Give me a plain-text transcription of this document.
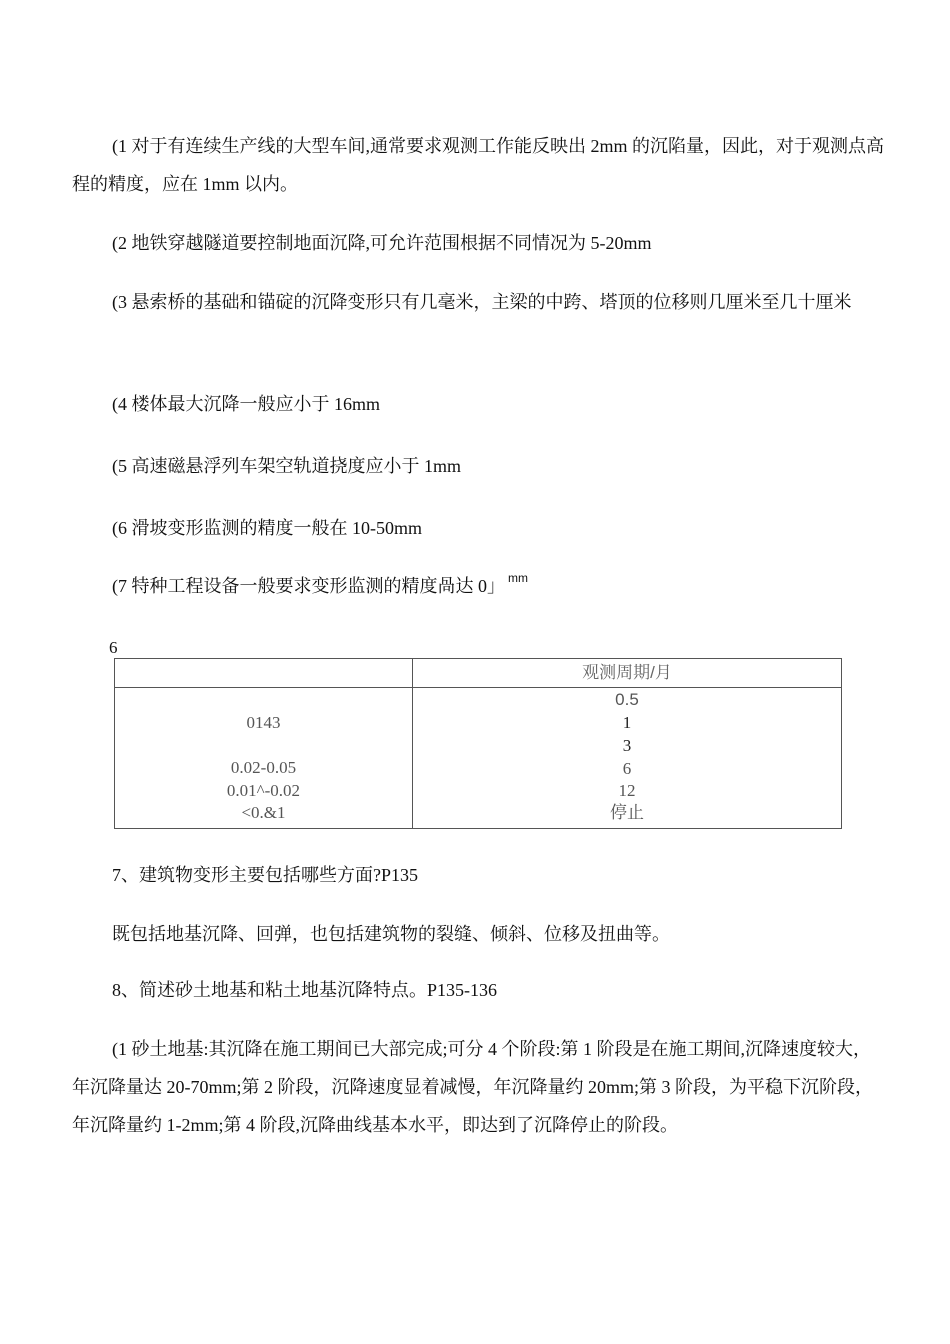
(1 对于有连续生产线的大型车间,通常要求观测工作能反映出 2mm 的沉陷量，因此，对于观测点高程的精度，应在 1mm 以内。

(2 地铁穿越隧道要控制地面沉降,可允许范围根据不同情况为 5-20mm

(3 悬索桥的基础和锚碇的沉降变形只有几毫米，主梁的中跨、塔顶的位移则几厘米至几十厘米

(4 楼体最大沉降一般应小于 16mm

(5 高速磁悬浮列车架空轨道挠度应小于 1mm

(6 滑坡变形监测的精度一般在 10-50mm

(7 特种工程设备一般要求变形监测的精度咼达 0」 $^{mm}$

6
观测周期/月
0143
0.02-0.05
0.01^-0.02
<0.&1
0.5
1
3
6
12
停止

7、建筑物变形主要包括哪些方面?P135

既包括地基沉降、回弹，也包括建筑物的裂缝、倾斜、位移及扭曲等。

8、简述砂土地基和粘土地基沉降特点。P135-136

(1 砂土地基:其沉降在施工期间已大部完成;可分 4 个阶段:第 1 阶段是在施工期间,沉降速度较大，年沉降量达 20-70mm;第 2 阶段，沉降速度显着减慢，年沉降量约 20mm;第 3 阶段，为平稳下沉阶段，年沉降量约 1-2mm;第 4 阶段,沉降曲线基本水平，即达到了沉降停止的阶段。
